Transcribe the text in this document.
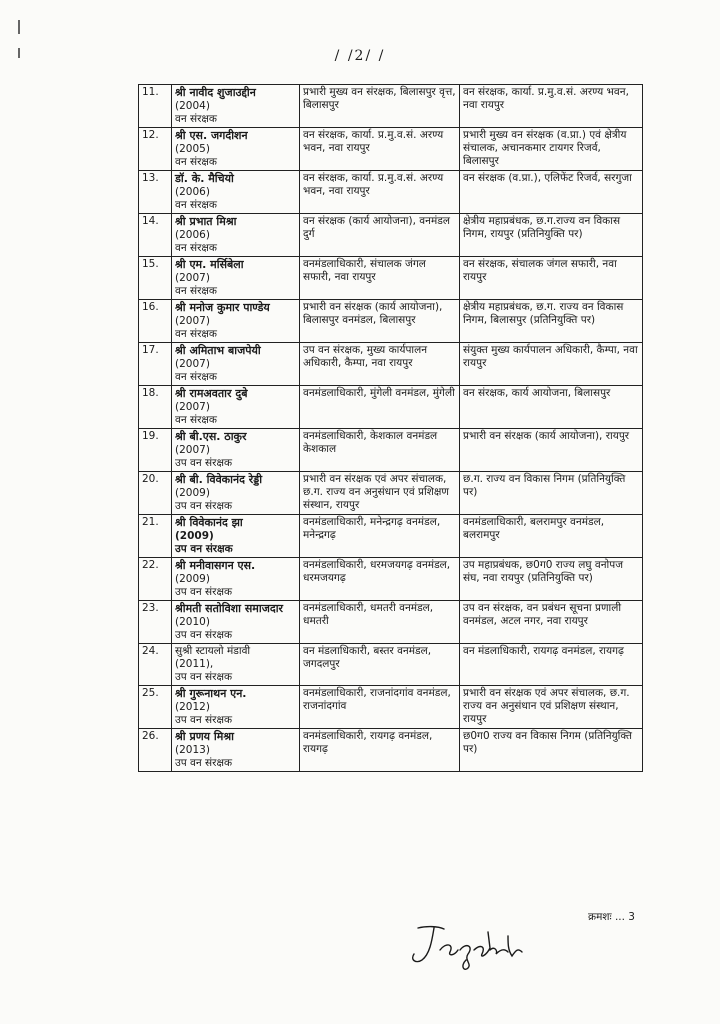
/ /2/ /
11.	श्री नावीद शुजाउद्दीन
(2004)
वन संरक्षक	प्रभारी मुख्य वन संरक्षक, बिलासपुर वृत्त, बिलासपुर	वन संरक्षक, कार्या. प्र.मु.व.सं. अरण्य भवन, नवा रायपुर
12.	श्री एस. जगदीशन
(2005)
वन संरक्षक	वन संरक्षक, कार्या. प्र.मु.व.सं. अरण्य भवन, नवा रायपुर	प्रभारी मुख्य वन संरक्षक (व.प्रा.) एवं क्षेत्रीय संचालक, अचानकमार टायगर रिजर्व, बिलासपुर
13.	डॉ. के. मैचियो
(2006)
वन संरक्षक	वन संरक्षक, कार्या. प्र.मु.व.सं. अरण्य भवन, नवा रायपुर	वन संरक्षक (व.प्रा.), एलिफेंट रिजर्व, सरगुजा
14.	श्री प्रभात मिश्रा
(2006)
वन संरक्षक	वन संरक्षक (कार्य आयोजना), वनमंडल दुर्ग	क्षेत्रीय महाप्रबंधक, छ.ग.राज्य वन विकास निगम, रायपुर (प्रतिनियुक्ति पर)
15.	श्री एम. मर्सिबेला
(2007)
वन संरक्षक	वनमंडलाधिकारी, संचालक जंगल सफारी, नवा रायपुर	वन संरक्षक, संचालक जंगल सफारी, नवा रायपुर
16.	श्री मनोज कुमार पाण्डेय
(2007)
वन संरक्षक	प्रभारी वन संरक्षक (कार्य आयोजना), बिलासपुर वनमंडल, बिलासपुर	क्षेत्रीय महाप्रबंधक, छ.ग. राज्य वन विकास निगम, बिलासपुर (प्रतिनियुक्ति पर)
17.	श्री अमिताभ बाजपेयी
(2007)
वन संरक्षक	उप वन संरक्षक, मुख्य कार्यपालन अधिकारी, कैम्पा, नवा रायपुर	संयुक्त मुख्य कार्यपालन अधिकारी, कैम्पा, नवा रायपुर
18.	श्री रामअवतार दुबे
(2007)
वन संरक्षक	वनमंडलाधिकारी, मुंगेली वनमंडल, मुंगेली	वन संरक्षक, कार्य आयोजना, बिलासपुर
19.	श्री बी.एस. ठाकुर
(2007)
उप वन संरक्षक	वनमंडलाधिकारी, केशकाल वनमंडल केशकाल	प्रभारी वन संरक्षक (कार्य आयोजना), रायपुर
20.	श्री बी. विवेकानंद रेड्डी
(2009)
उप वन संरक्षक	प्रभारी वन संरक्षक एवं अपर संचालक, छ.ग. राज्य वन अनुसंधान एवं प्रशिक्षण संस्थान, रायपुर	छ.ग. राज्य वन विकास निगम (प्रतिनियुक्ति पर)
21.	श्री विवेकानंद झा
(2009)
उप वन संरक्षक	वनमंडलाधिकारी, मनेन्द्रगढ़ वनमंडल, मनेन्द्रगढ़	वनमंडलाधिकारी, बलरामपुर वनमंडल, बलरामपुर
22.	श्री मनीवासगन एस.
(2009)
उप वन संरक्षक	वनमंडलाधिकारी, धरमजयगढ़ वनमंडल, धरमजयगढ़	उप महाप्रबंधक, छ0ग0 राज्य लघु वनोपज संघ, नवा रायपुर (प्रतिनियुक्ति पर)
23.	श्रीमती सतोविशा समाजदार
(2010)
उप वन संरक्षक	वनमंडलाधिकारी, धमतरी वनमंडल, धमतरी	उप वन संरक्षक, वन प्रबंधन सूचना प्रणाली वनमंडल, अटल नगर, नवा रायपुर
24.	सुश्री स्टायलो मंडावी
(2011),
उप वन संरक्षक	वन मंडलाधिकारी, बस्तर वनमंडल, जगदलपुर	वन मंडलाधिकारी, रायगढ़ वनमंडल, रायगढ़
25.	श्री गुरूनाथन एन.
(2012)
उप वन संरक्षक	वनमंडलाधिकारी, राजनांदगांव वनमंडल, राजनांदगांव	प्रभारी वन संरक्षक एवं अपर संचालक, छ.ग. राज्य वन अनुसंधान एवं प्रशिक्षण संस्थान, रायपुर
26.	श्री प्रणय मिश्रा
(2013)
उप वन संरक्षक	वनमंडलाधिकारी, रायगढ़ वनमंडल, रायगढ़	छ0ग0 राज्य वन विकास निगम (प्रतिनियुक्ति पर)
क्रमशः ... 3
